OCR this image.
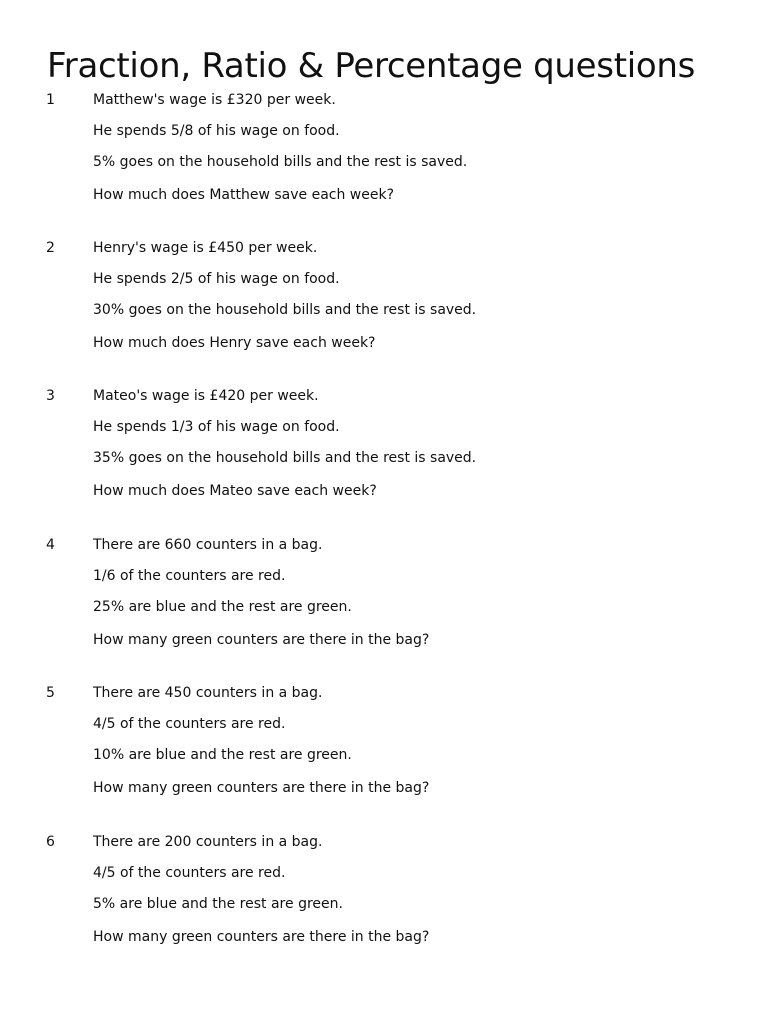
Fraction, Ratio & Percentage questions
1	Matthew's wage is £320 per week.
He spends 5/8 of his wage on food.
5% goes on the household bills and the rest is saved.
How much does Matthew save each week?
2	Henry's wage is £450 per week.
He spends 2/5 of his wage on food.
30% goes on the household bills and the rest is saved.
How much does Henry save each week?
3	Mateo's wage is £420 per week.
He spends 1/3 of his wage on food.
35% goes on the household bills and the rest is saved.
How much does Mateo save each week?
4	There are 660 counters in a bag.
1/6 of the counters are red.
25% are blue and the rest are green.
How many green counters are there in the bag?
5	There are 450 counters in a bag.
4/5 of the counters are red.
10% are blue and the rest are green.
How many green counters are there in the bag?
6	There are 200 counters in a bag.
4/5 of the counters are red.
5% are blue and the rest are green.
How many green counters are there in the bag?
